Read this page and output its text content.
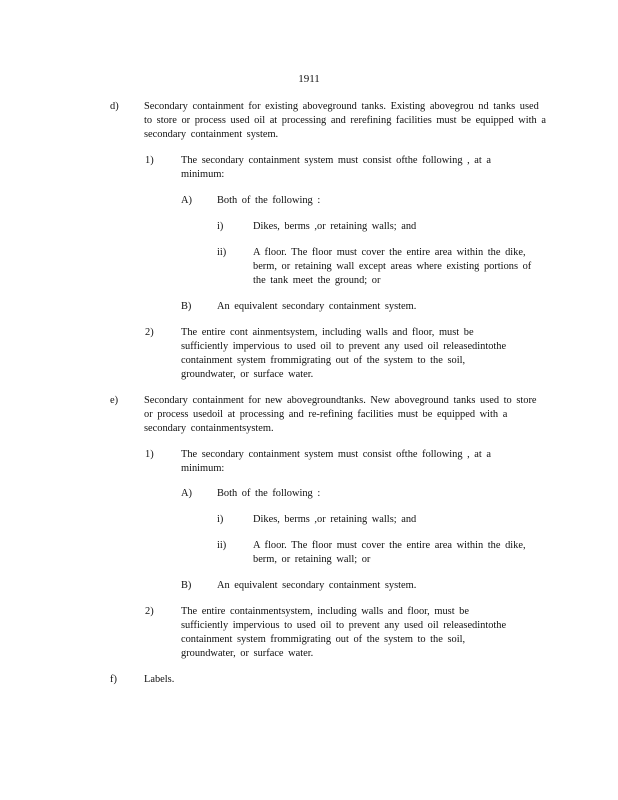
1911
d) Secondary containment for existing aboveground tanks. Existing abovegrou nd tanks used to store or process used oil at processing and rerefining facilities must be equipped with a secondary containment system.
1)	The secondary containment system must consist ofthe following , at a minimum:
A) Both of the following :
i)	Dikes, berms ,or retaining walls; and
ii)	A floor. The floor must cover the entire area within the dike, berm, or retaining wall except areas where existing portions of the tank meet the ground; or
B) An equivalent secondary containment system.
2)	The entire cont ainmentsystem, including walls and floor, must be sufficiently impervious to used oil to prevent any used oil releasedintothe containment system frommigrating out of the system to the soil, groundwater, or surface water.
e) Secondary containment for new abovegroundtanks. New aboveground tanks used to store or process usedoil at processing and re-refining facilities must be equipped with a secondary containmentsystem.
1)	The secondary containment system must consist ofthe following , at a minimum:
A) Both of the following :
i)	Dikes, berms ,or retaining walls; and
ii)	A floor. The floor must cover the entire area within the dike, berm, or retaining wall; or
B) An equivalent secondary containment system.
2)	The entire containmentsystem, including walls and floor, must be sufficiently impervious to used oil to prevent any used oil releasedintothe containment system frommigrating out of the system to the soil, groundwater, or surface water.
f)	Labels.
